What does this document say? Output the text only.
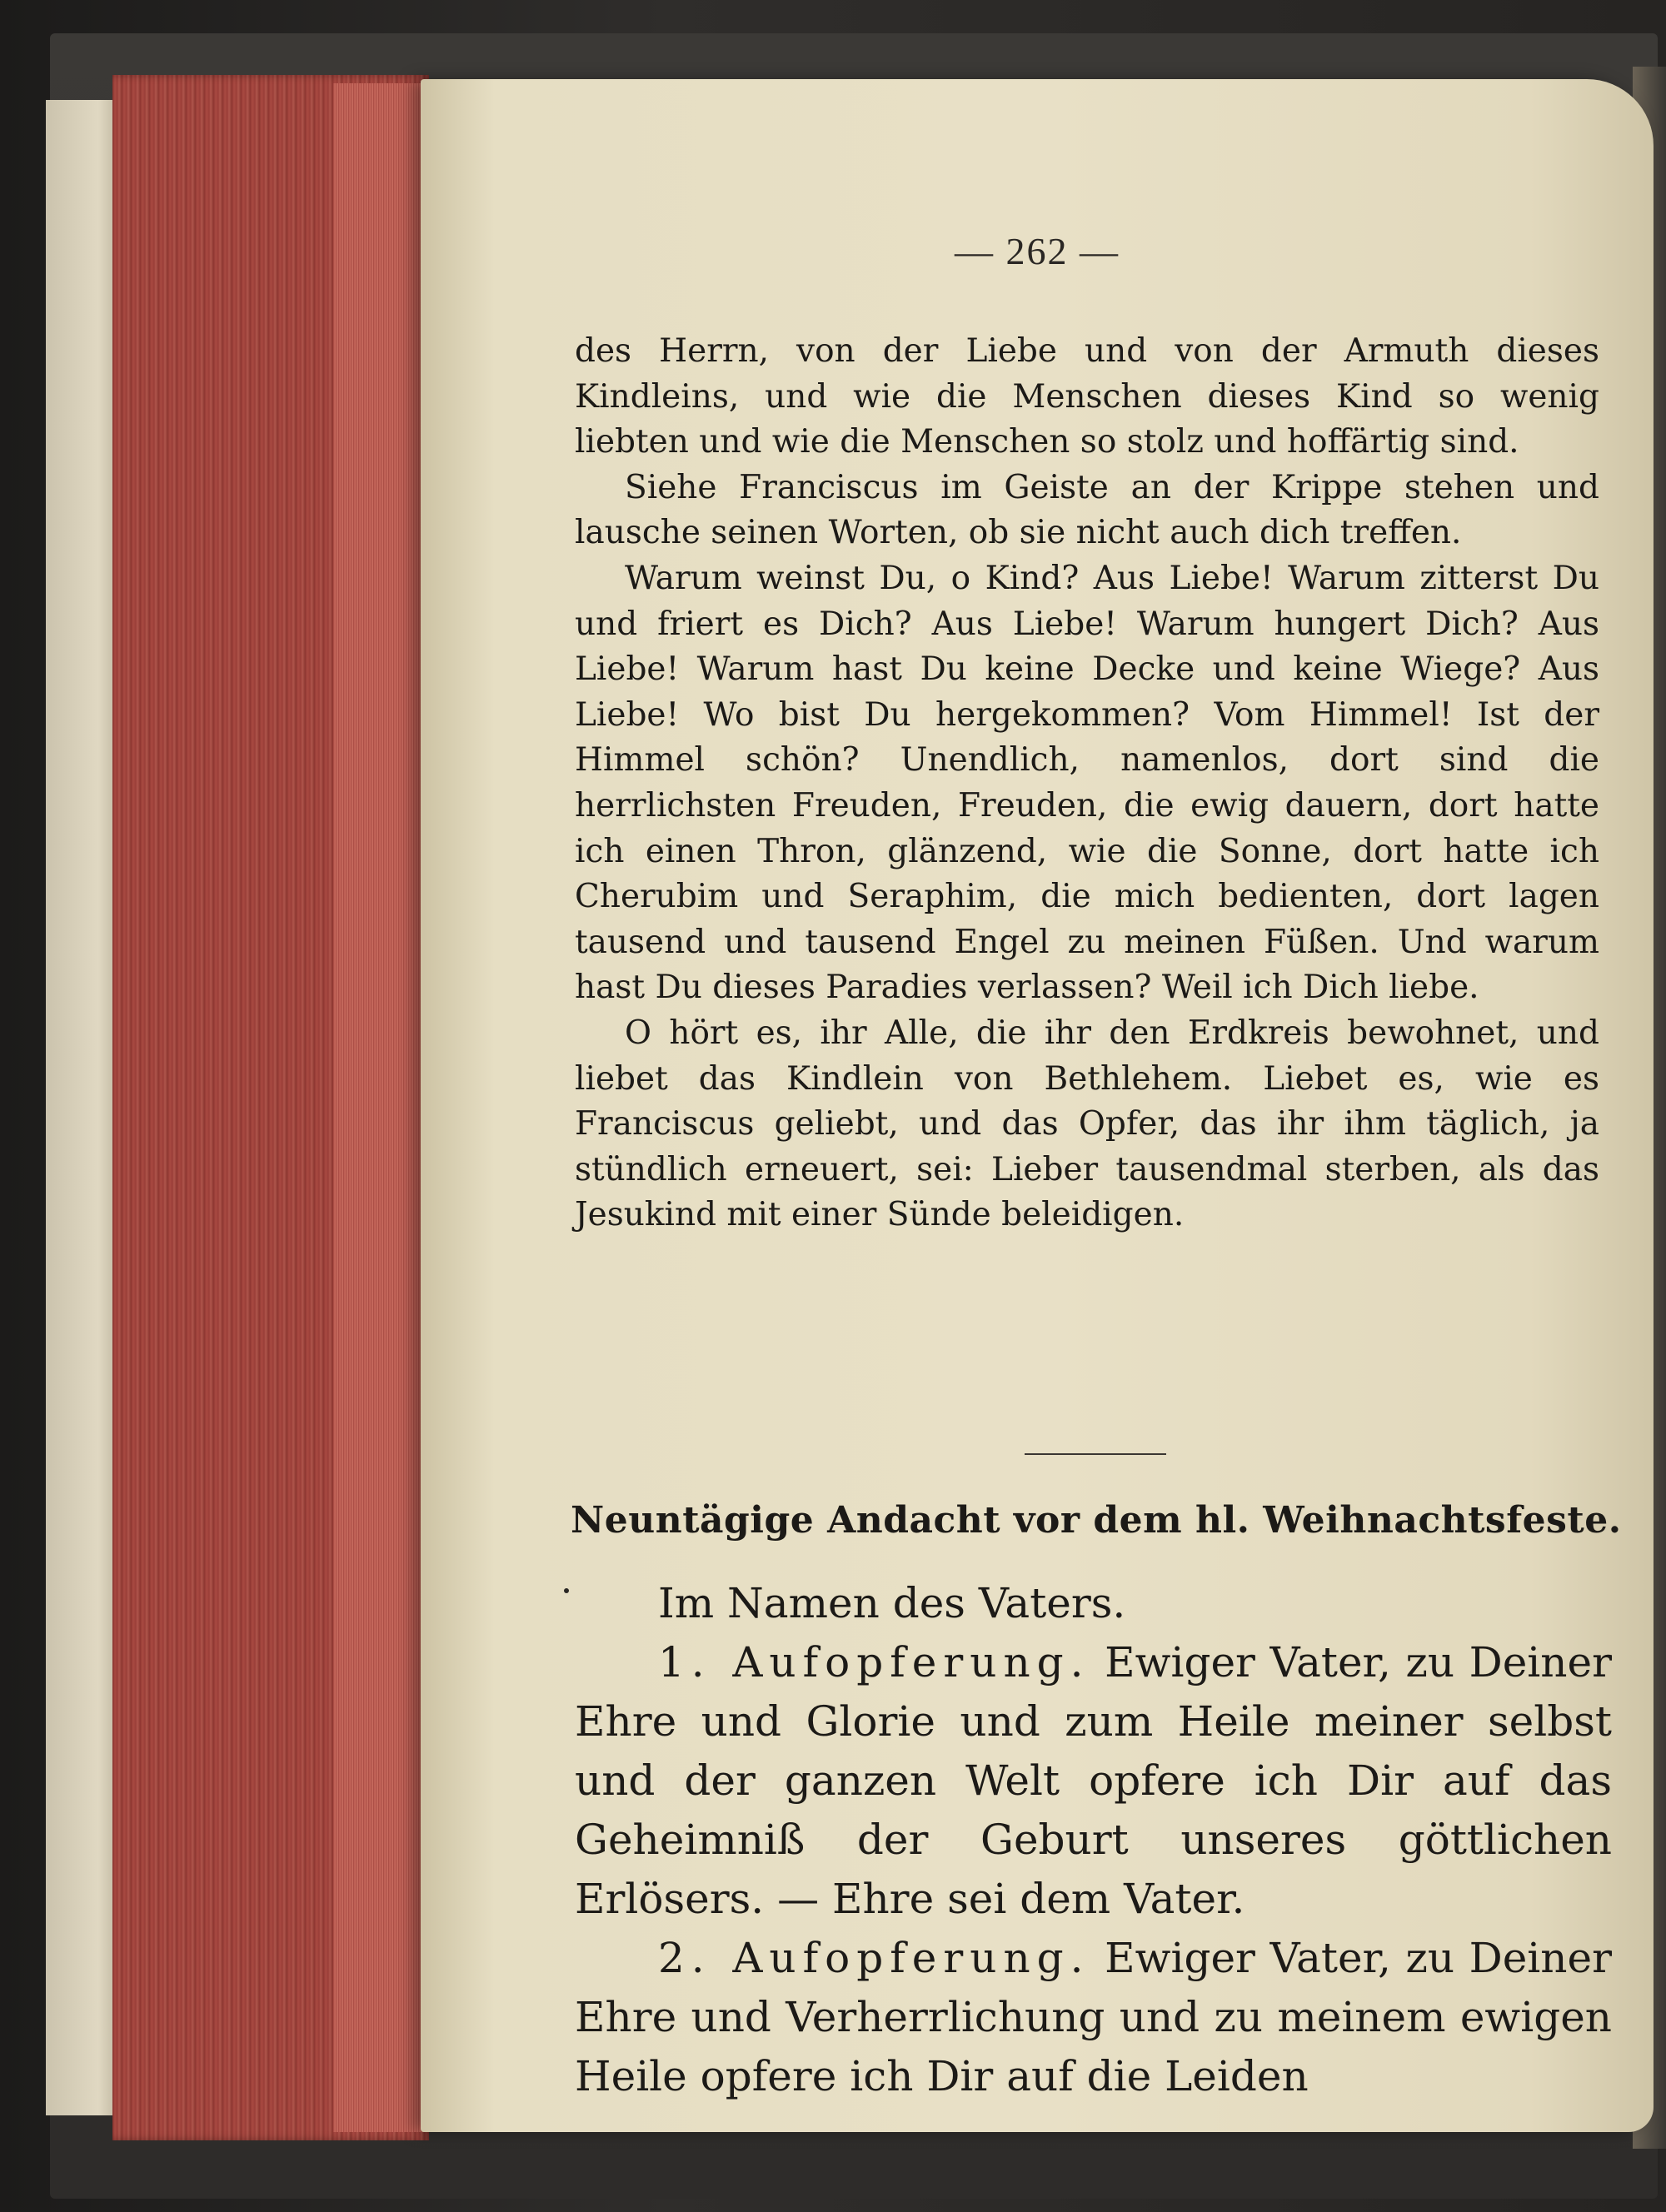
— 262 —

des Herrn, von der Liebe und von der Armuth dieses Kindleins, und wie die Menschen dieses Kind so wenig liebten und wie die Menschen so stolz und hoffärtig sind.

Siehe Franciscus im Geiste an der Krippe stehen und lausche seinen Worten, ob sie nicht auch dich treffen.

Warum weinst Du, o Kind? Aus Liebe! Warum zitterst Du und friert es Dich? Aus Liebe! Warum hungert Dich? Aus Liebe! Warum hast Du keine Decke und keine Wiege? Aus Liebe! Wo bist Du hergekommen? Vom Himmel! Ist der Himmel schön? Unendlich, namenlos, dort sind die herrlichsten Freuden, Freuden, die ewig dauern, dort hatte ich einen Thron, glänzend, wie die Sonne, dort hatte ich Cherubim und Seraphim, die mich bedienten, dort lagen tausend und tausend Engel zu meinen Füßen. Und warum hast Du dieses Paradies verlassen? Weil ich Dich liebe.

O hört es, ihr Alle, die ihr den Erdkreis bewohnet, und liebet das Kindlein von Bethlehem. Liebet es, wie es Franciscus geliebt, und das Opfer, das ihr ihm täglich, ja stündlich erneuert, sei: Lieber tausendmal sterben, als das Jesukind mit einer Sünde beleidigen.

Neuntägige Andacht vor dem hl. Weihnachtsfeste.

Im Namen des Vaters.

1. Aufopferung. Ewiger Vater, zu Deiner Ehre und Glorie und zum Heile meiner selbst und der ganzen Welt opfere ich Dir auf das Geheimniß der Geburt unseres göttlichen Erlösers. — Ehre sei dem Vater.

2. Aufopferung. Ewiger Vater, zu Deiner Ehre und Verherrlichung und zu meinem ewigen Heile opfere ich Dir auf die Leiden
